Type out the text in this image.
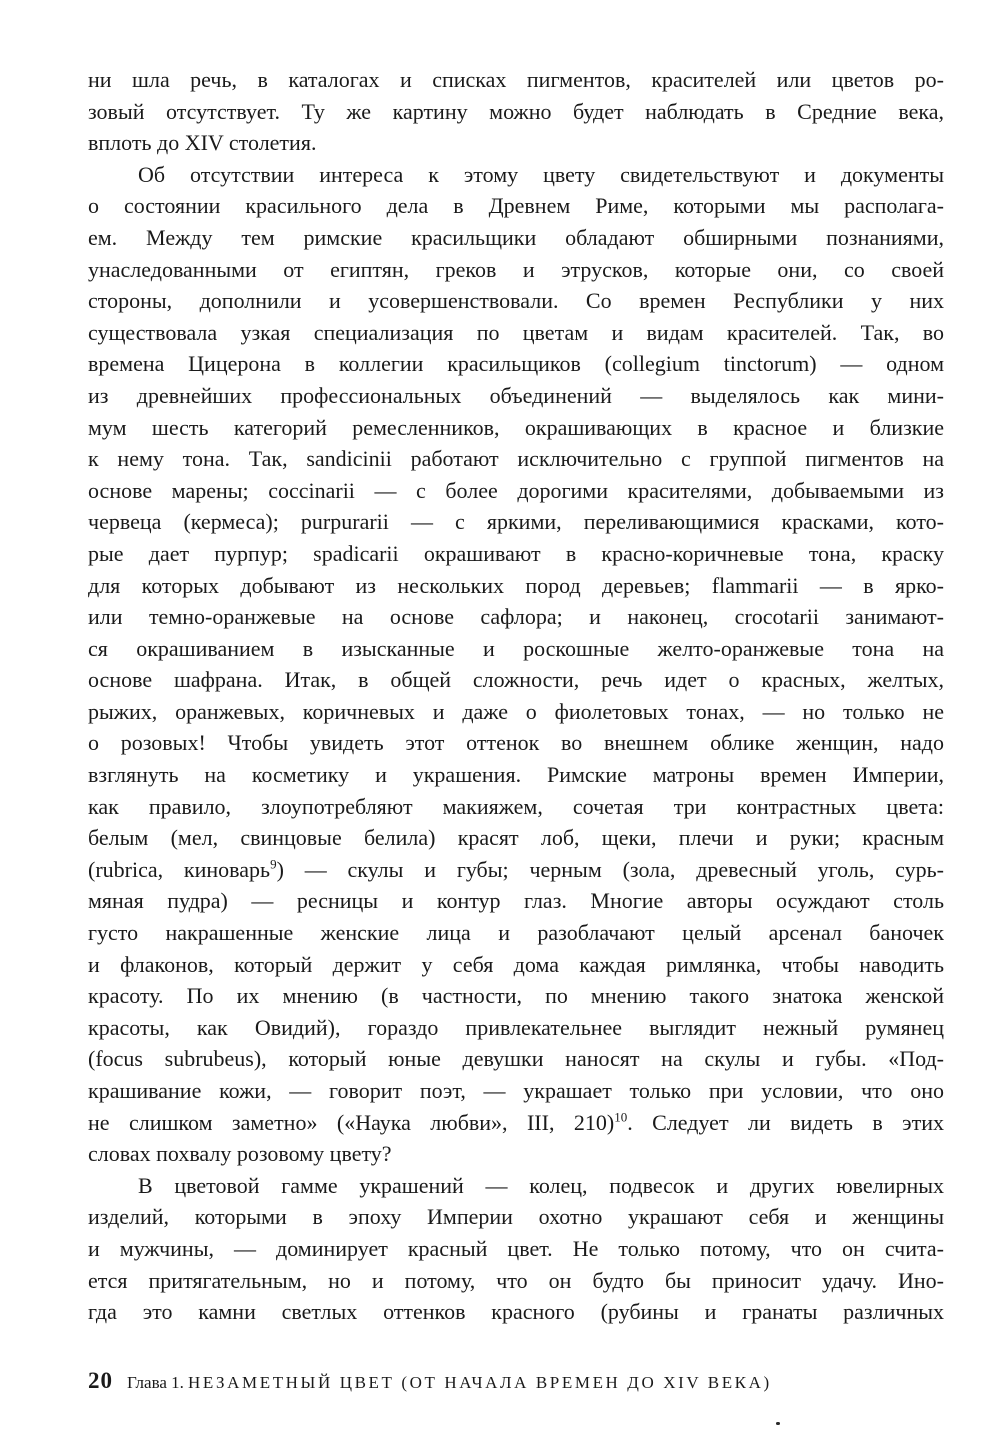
ни шла речь, в каталогах и списках пигментов, красителей или цветов ро-
зовый отсутствует. Ту же картину можно будет наблюдать в Средние века,
вплоть до XIV столетия.
Об отсутствии интереса к этому цвету свидетельствуют и документы
о состоянии красильного дела в Древнем Риме, которыми мы располага-
ем. Между тем римские красильщики обладают обширными познаниями,
унаследованными от египтян, греков и этрусков, которые они, со своей
стороны, дополнили и усовершенствовали. Со времен Республики у них
существовала узкая специализация по цветам и видам красителей. Так, во
времена Цицерона в коллегии красильщиков (collegium tinctorum) — одном
из древнейших профессиональных объединений — выделялось как мини-
мум шесть категорий ремесленников, окрашивающих в красное и близкие
к нему тона. Так, sandicinii работают исключительно с группой пигментов на
основе марены; coccinarii — с более дорогими красителями, добываемыми из
червеца (кермеса); purpurarii — с яркими, переливающимися красками, кото-
рые дает пурпур; spadicarii окрашивают в красно-коричневые тона, краску
для которых добывают из нескольких пород деревьев; flammarii — в ярко-
или темно-оранжевые на основе сафлора; и наконец, crocotarii занимают-
ся окрашиванием в изысканные и роскошные желто-оранжевые тона на
основе шафрана. Итак, в общей сложности, речь идет о красных, желтых,
рыжих, оранжевых, коричневых и даже о фиолетовых тонах, — но только не
о розовых! Чтобы увидеть этот оттенок во внешнем облике женщин, надо
взглянуть на косметику и украшения. Римские матроны времен Империи,
как правило, злоупотребляют макияжем, сочетая три контрастных цвета:
белым (мел, свинцовые белила) красят лоб, щеки, плечи и руки; красным
(rubrica, киноварь$^9$) — скулы и губы; черным (зола, древесный уголь, сурь-
мяная пудра) — ресницы и контур глаз. Многие авторы осуждают столь
густо накрашенные женские лица и разоблачают целый арсенал баночек
и флаконов, который держит у себя дома каждая римлянка, чтобы наводить
красоту. По их мнению (в частности, по мнению такого знатока женской
красоты, как Овидий), гораздо привлекательнее выглядит нежный румянец
(focus subrubeus), который юные девушки наносят на скулы и губы. «Под-
крашивание кожи, — говорит поэт, — украшает только при условии, что оно
не слишком заметно» («Наука любви», III, 210)$^{10}$. Следует ли видеть в этих
словах похвалу розовому цвету?
В цветовой гамме украшений — колец, подвесок и других ювелирных
изделий, которыми в эпоху Империи охотно украшают себя и женщины
и мужчины, — доминирует красный цвет. Не только потому, что он счита-
ется притягательным, но и потому, что он будто бы приносит удачу. Ино-
гда это камни светлых оттенков красного (рубины и гранаты различных
20 Глава 1. НЕЗАМЕТНЫЙ ЦВЕТ (ОТ НАЧАЛА ВРЕМЕН ДО XIV ВЕКА)
